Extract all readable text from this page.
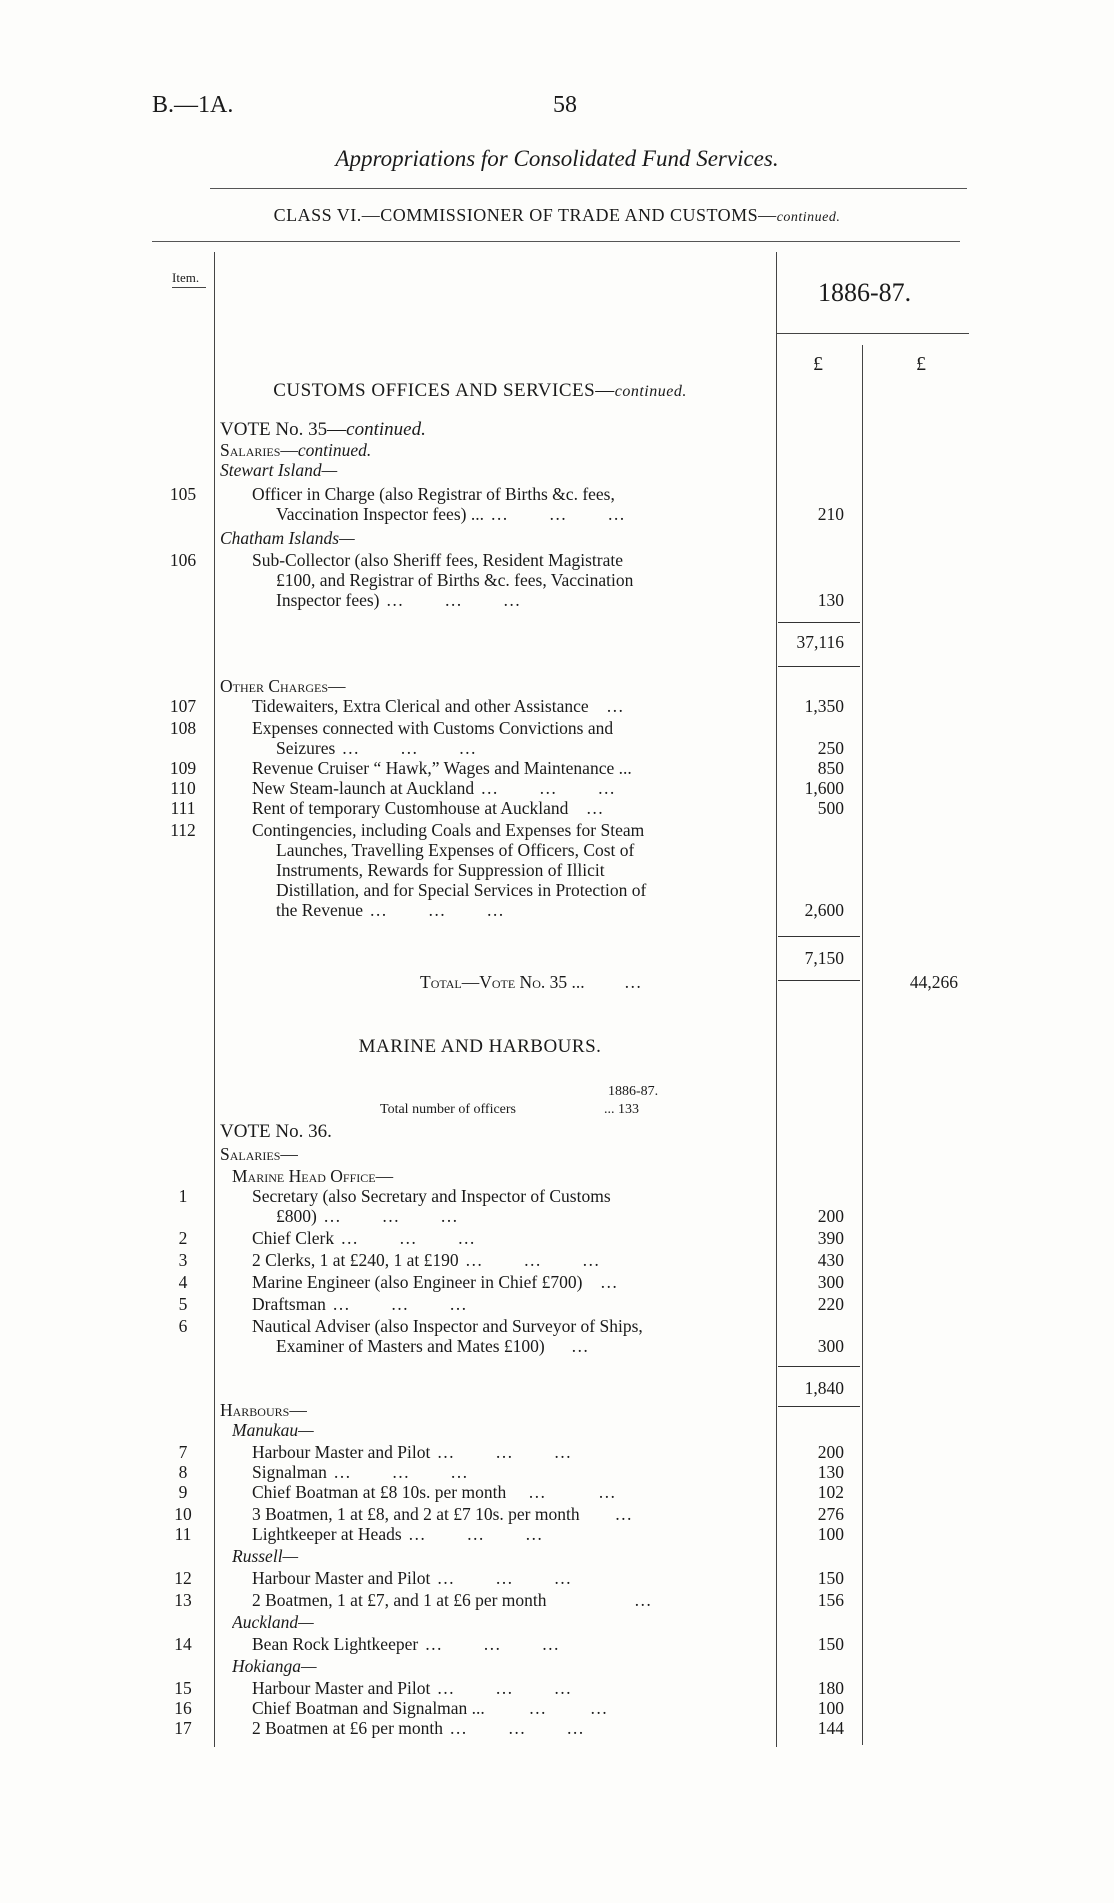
B.—1A.	58
Appropriations for Consolidated Fund Services.
CLASS VI.—COMMISSIONER OF TRADE AND CUSTOMS—continued.
Item.
1886-87.
£	£
CUSTOMS OFFICES AND SERVICES—continued.
VOTE No. 35—continued.
Salaries—continued.
Stewart Island—
105	Officer in Charge (also Registrar of Births &c. fees,
Vaccination Inspector fees) ... …  …  …	210
Chatham Islands—
106	Sub-Collector (also Sheriff fees, Resident Magistrate
£100, and Registrar of Births &c. fees, Vaccination
Inspector fees) …  …  …	130
37,116
Other Charges—
107	Tidewaiters, Extra Clerical and other Assistance    …	1,350
108	Expenses connected with Customs Convictions and
Seizures …  …  …	250
109	Revenue Cruiser “ Hawk,” Wages and Maintenance ...	850
110	New Steam-launch at Auckland …  …  …	1,600
111	Rent of temporary Customhouse at Auckland    …	500
112	Contingencies, including Coals and Expenses for Steam
Launches, Travelling Expenses of Officers, Cost of
Instruments, Rewards for Suppression of Illicit
Distillation, and for Special Services in Protection of
the Revenue …  …  …	2,600
7,150
Total—Vote No. 35 ...         …	44,266
MARINE AND HARBOURS.
1886-87.
Total number of officers	... 133
VOTE No. 36.
Salaries—
Marine Head Office—
1	Secretary (also Secretary and Inspector of Customs
£800) …  …  …	200
2	Chief Clerk …  …  …	390
3	2 Clerks, 1 at £240, 1 at £190 …  …  …	430
4	Marine Engineer (also Engineer in Chief £700)    …	300
5	Draftsman …  …  …	220
6	Nautical Adviser (also Inspector and Surveyor of Ships,
Examiner of Masters and Mates £100)      …	300
1,840
Harbours—
Manukau—
7	Harbour Master and Pilot …  …  …	200
8	Signalman …  …  …	130
9	Chief Boatman at £8 10s. per month     …            …	102
10	3 Boatmen, 1 at £8, and 2 at £7 10s. per month        …	276
11	Lightkeeper at Heads …  …  …	100
Russell—
12	Harbour Master and Pilot …  …  …	150
13	2 Boatmen, 1 at £7, and 1 at £6 per month                    …	156
Auckland—
14	Bean Rock Lightkeeper …  …  …	150
Hokianga—
15	Harbour Master and Pilot …  …  …	180
16	Chief Boatman and Signalman ...          …          …	100
17	2 Boatmen at £6 per month …  …  …	144
